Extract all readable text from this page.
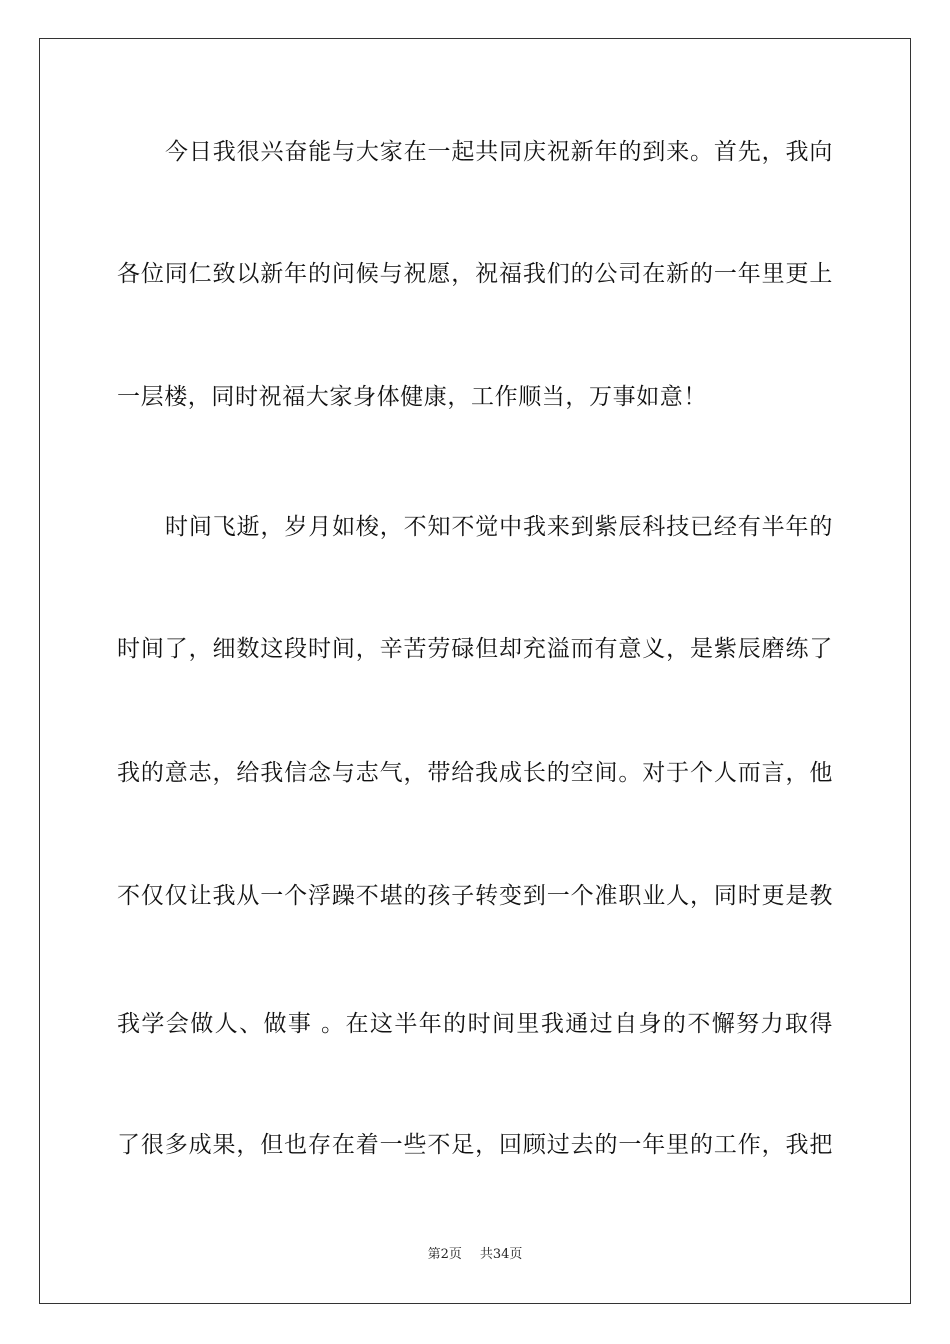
今日我很兴奋能与大家在一起共同庆祝新年的到来。首先，我向
各位同仁致以新年的问候与祝愿，祝福我们的公司在新的一年里更上
一层楼，同时祝福大家身体健康，工作顺当，万事如意！
时间飞逝，岁月如梭，不知不觉中我来到紫辰科技已经有半年的
时间了，细数这段时间，辛苦劳碌但却充溢而有意义，是紫辰磨练了
我的意志，给我信念与志气，带给我成长的空间。对于个人而言，他
不仅仅让我从一个浮躁不堪的孩子转变到一个准职业人，同时更是教
我学会做人、做事 。在这半年的时间里我通过自身的不懈努力取得
了很多成果，但也存在着一些不足，回顾过去的一年里的工作，我把
第2页 共34页
